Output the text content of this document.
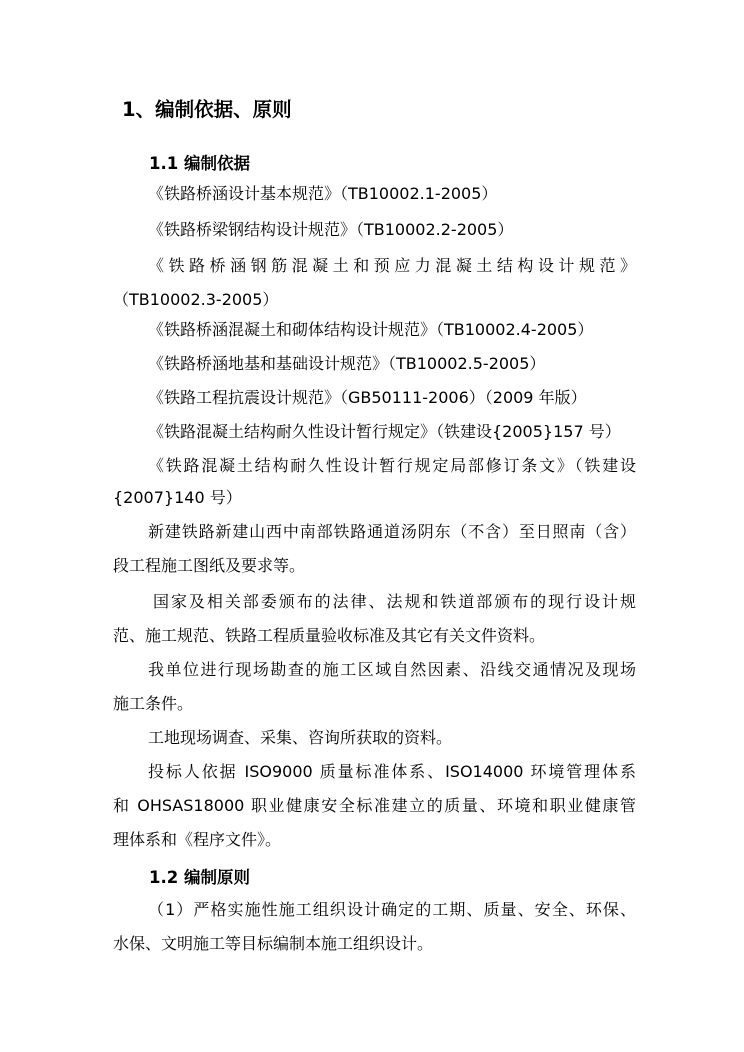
1、编制依据、原则
1.1 编制依据
《铁路桥涵设计基本规范》（TB10002.1-2005）
《铁路桥梁钢结构设计规范》（TB10002.2-2005）
《铁路桥涵钢筋混凝土和预应力混凝土结构设计规范》
（TB10002.3-2005）
《铁路桥涵混凝土和砌体结构设计规范》（TB10002.4-2005）
《铁路桥涵地基和基础设计规范》（TB10002.5-2005）
《铁路工程抗震设计规范》（GB50111-2006）（2009 年版）
《铁路混凝土结构耐久性设计暂行规定》（铁建设{2005}157 号）
《铁路混凝土结构耐久性设计暂行规定局部修订条文》（铁建设
{2007}140 号）
新建铁路新建山西中南部铁路通道汤阴东（不含）至日照南（含）
段工程施工图纸及要求等。
国家及相关部委颁布的法律、法规和铁道部颁布的现行设计规
范、施工规范、铁路工程质量验收标准及其它有关文件资料。
我单位进行现场勘查的施工区域自然因素、沿线交通情况及现场
施工条件。
工地现场调查、采集、咨询所获取的资料。
投标人依据 ISO9000 质量标准体系、ISO14000 环境管理体系
和 OHSAS18000 职业健康安全标准建立的质量、环境和职业健康管
理体系和《程序文件》。
1.2 编制原则
（1）严格实施性施工组织设计确定的工期、质量、安全、环保、
水保、文明施工等目标编制本施工组织设计。
